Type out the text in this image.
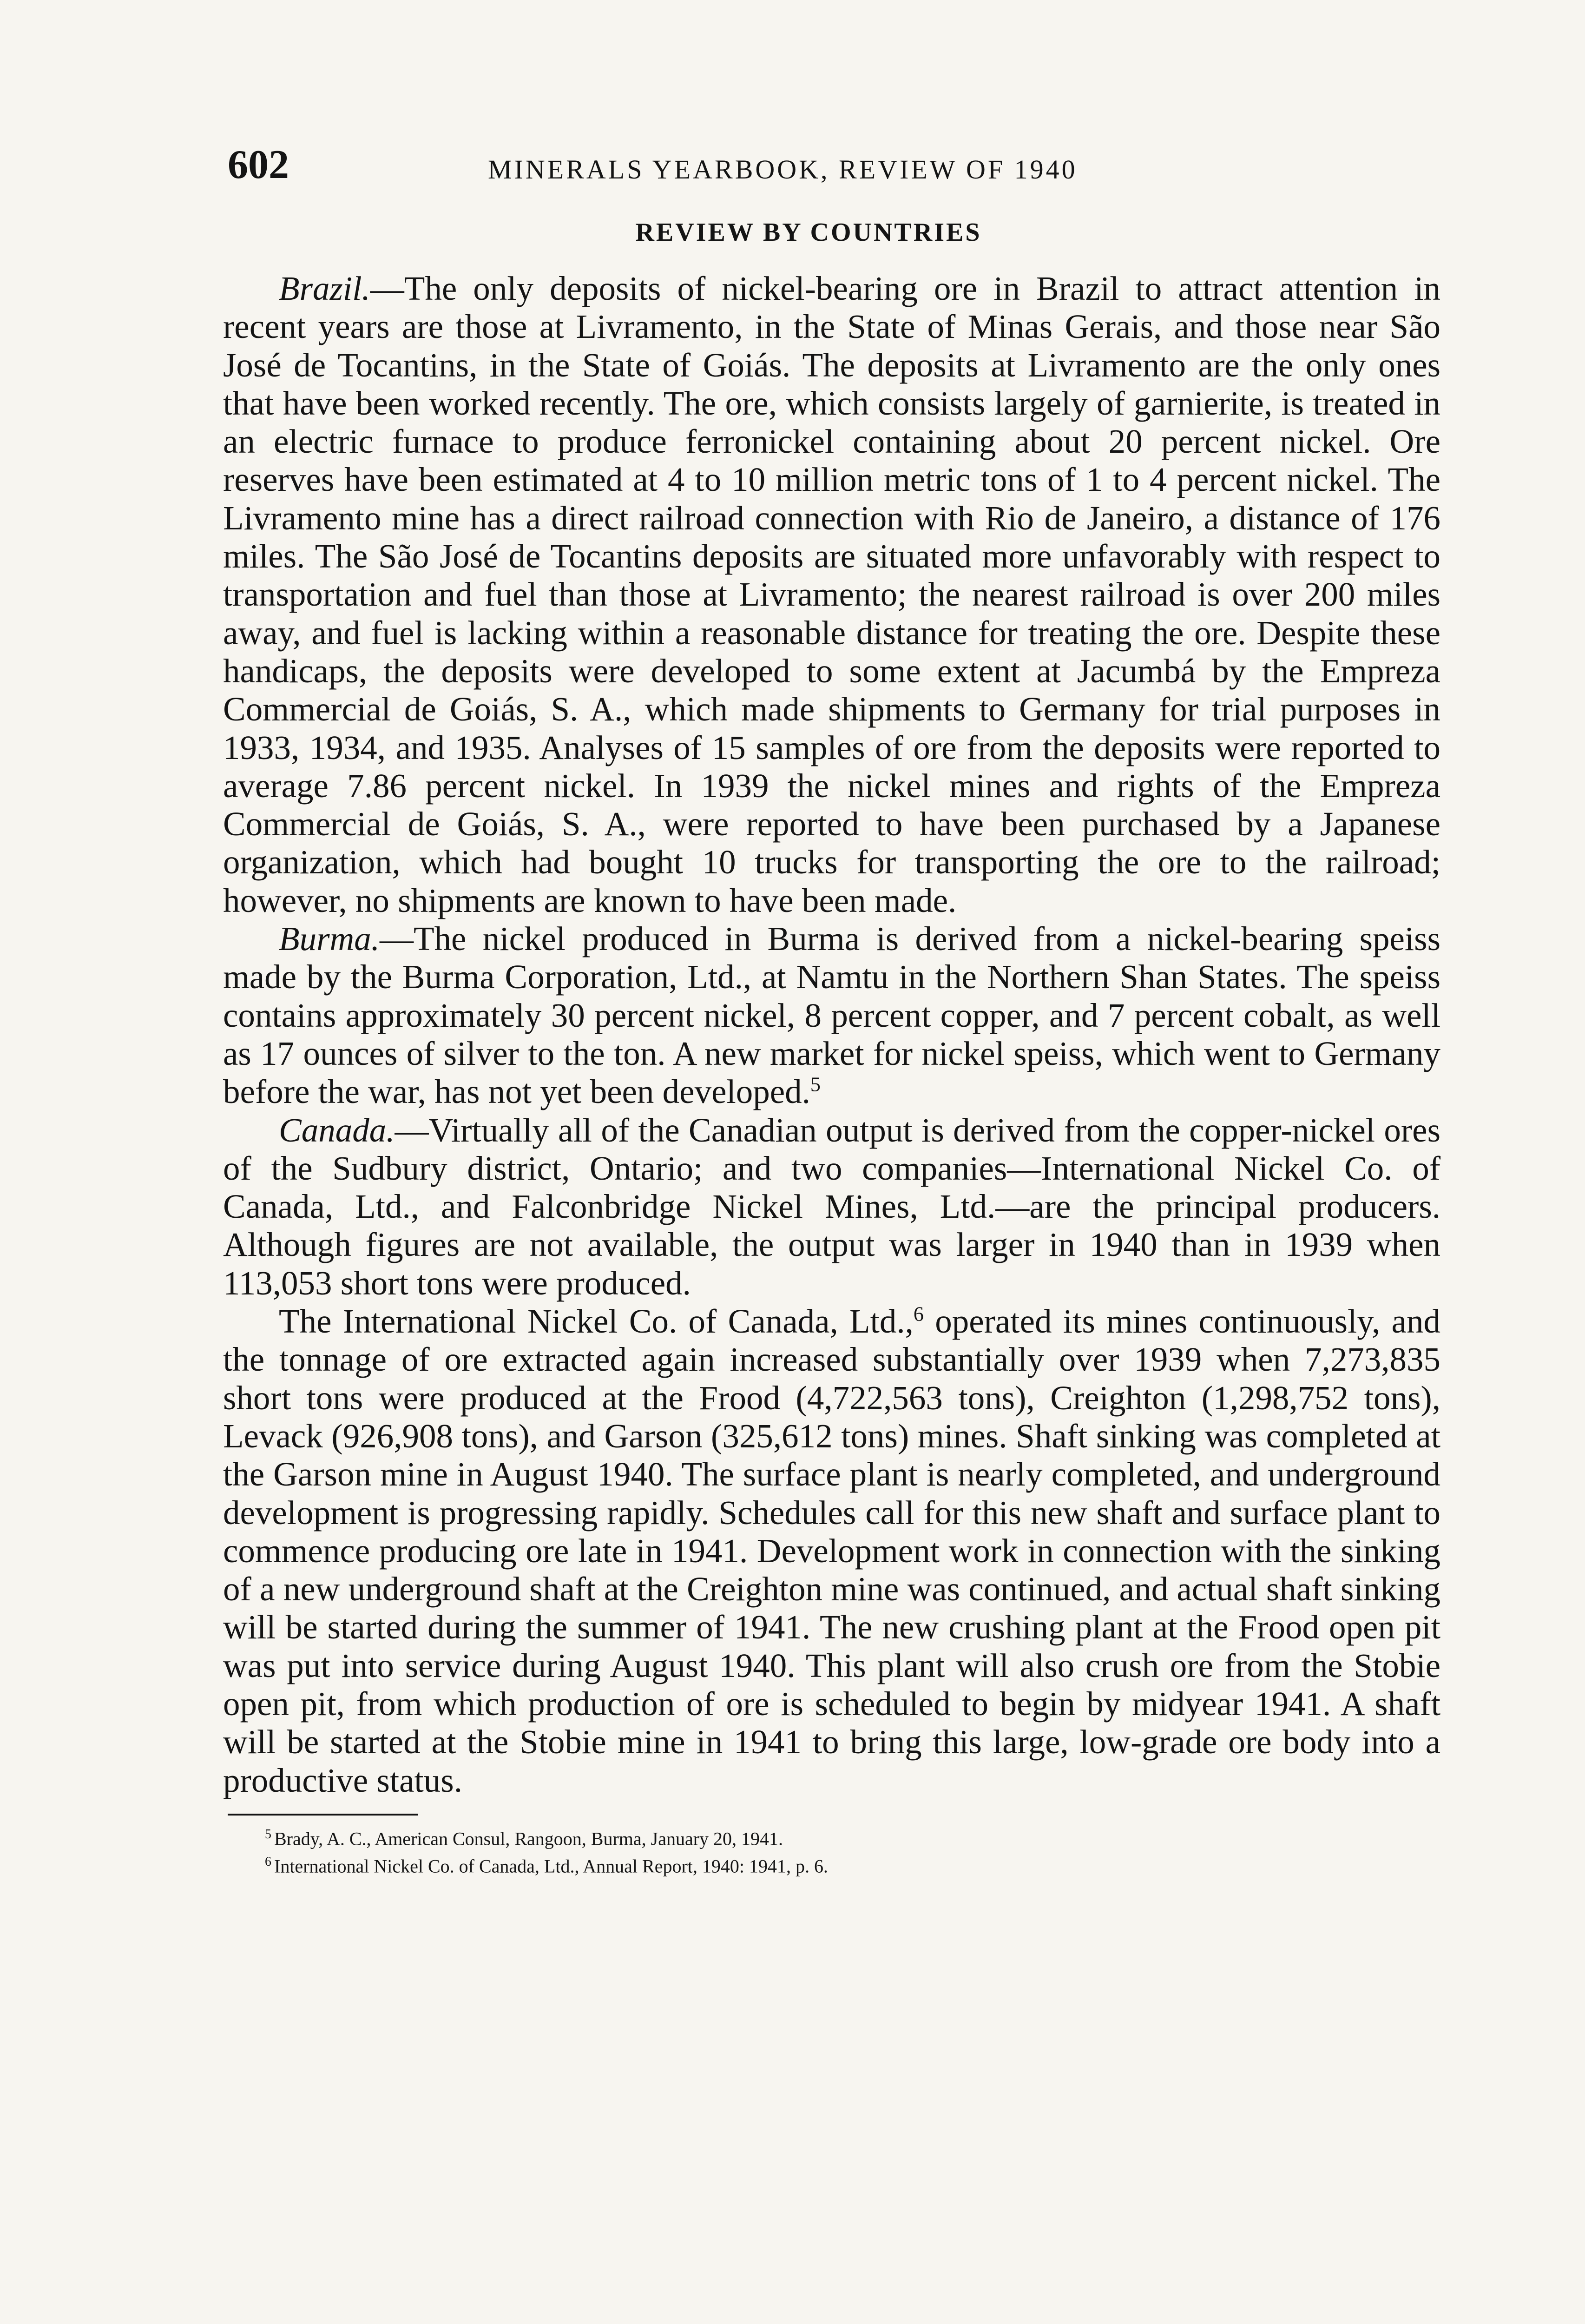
602	MINERALS YEARBOOK, REVIEW OF 1940
REVIEW BY COUNTRIES

Brazil.—The only deposits of nickel-bearing ore in Brazil to attract attention in recent years are those at Livramento, in the State of Minas Gerais, and those near São José de Tocantins, in the State of Goiás. The deposits at Livramento are the only ones that have been worked recently. The ore, which consists largely of garnierite, is treated in an electric furnace to produce ferronickel containing about 20 percent nickel. Ore reserves have been estimated at 4 to 10 million metric tons of 1 to 4 percent nickel. The Livramento mine has a direct railroad connection with Rio de Janeiro, a distance of 176 miles. The São José de Tocantins deposits are situated more unfavorably with respect to transportation and fuel than those at Livramento; the nearest railroad is over 200 miles away, and fuel is lacking within a reasonable distance for treating the ore. Despite these handicaps, the deposits were developed to some extent at Jacumbá by the Empreza Commercial de Goiás, S. A., which made shipments to Germany for trial purposes in 1933, 1934, and 1935. Analyses of 15 samples of ore from the deposits were reported to average 7.86 percent nickel. In 1939 the nickel mines and rights of the Empreza Commercial de Goiás, S. A., were reported to have been purchased by a Japanese organization, which had bought 10 trucks for transporting the ore to the railroad; however, no shipments are known to have been made.

Burma.—The nickel produced in Burma is derived from a nickel-bearing speiss made by the Burma Corporation, Ltd., at Namtu in the Northern Shan States. The speiss contains approximately 30 percent nickel, 8 percent copper, and 7 percent cobalt, as well as 17 ounces of silver to the ton. A new market for nickel speiss, which went to Germany before the war, has not yet been developed.$^5$

Canada.—Virtually all of the Canadian output is derived from the copper-nickel ores of the Sudbury district, Ontario; and two companies—International Nickel Co. of Canada, Ltd., and Falconbridge Nickel Mines, Ltd.—are the principal producers. Although figures are not available, the output was larger in 1940 than in 1939 when 113,053 short tons were produced.

The International Nickel Co. of Canada, Ltd.,$^6$ operated its mines continuously, and the tonnage of ore extracted again increased substantially over 1939 when 7,273,835 short tons were produced at the Frood (4,722,563 tons), Creighton (1,298,752 tons), Levack (926,908 tons), and Garson (325,612 tons) mines. Shaft sinking was completed at the Garson mine in August 1940. The surface plant is nearly completed, and underground development is progressing rapidly. Schedules call for this new shaft and surface plant to commence producing ore late in 1941. Development work in connection with the sinking of a new underground shaft at the Creighton mine was continued, and actual shaft sinking will be started during the summer of 1941. The new crushing plant at the Frood open pit was put into service during August 1940. This plant will also crush ore from the Stobie open pit, from which production of ore is scheduled to begin by midyear 1941. A shaft will be started at the Stobie mine in 1941 to bring this large, low-grade ore body into a productive status.

$^5$ Brady, A. C., American Consul, Rangoon, Burma, January 20, 1941.
$^6$ International Nickel Co. of Canada, Ltd., Annual Report, 1940: 1941, p. 6.
